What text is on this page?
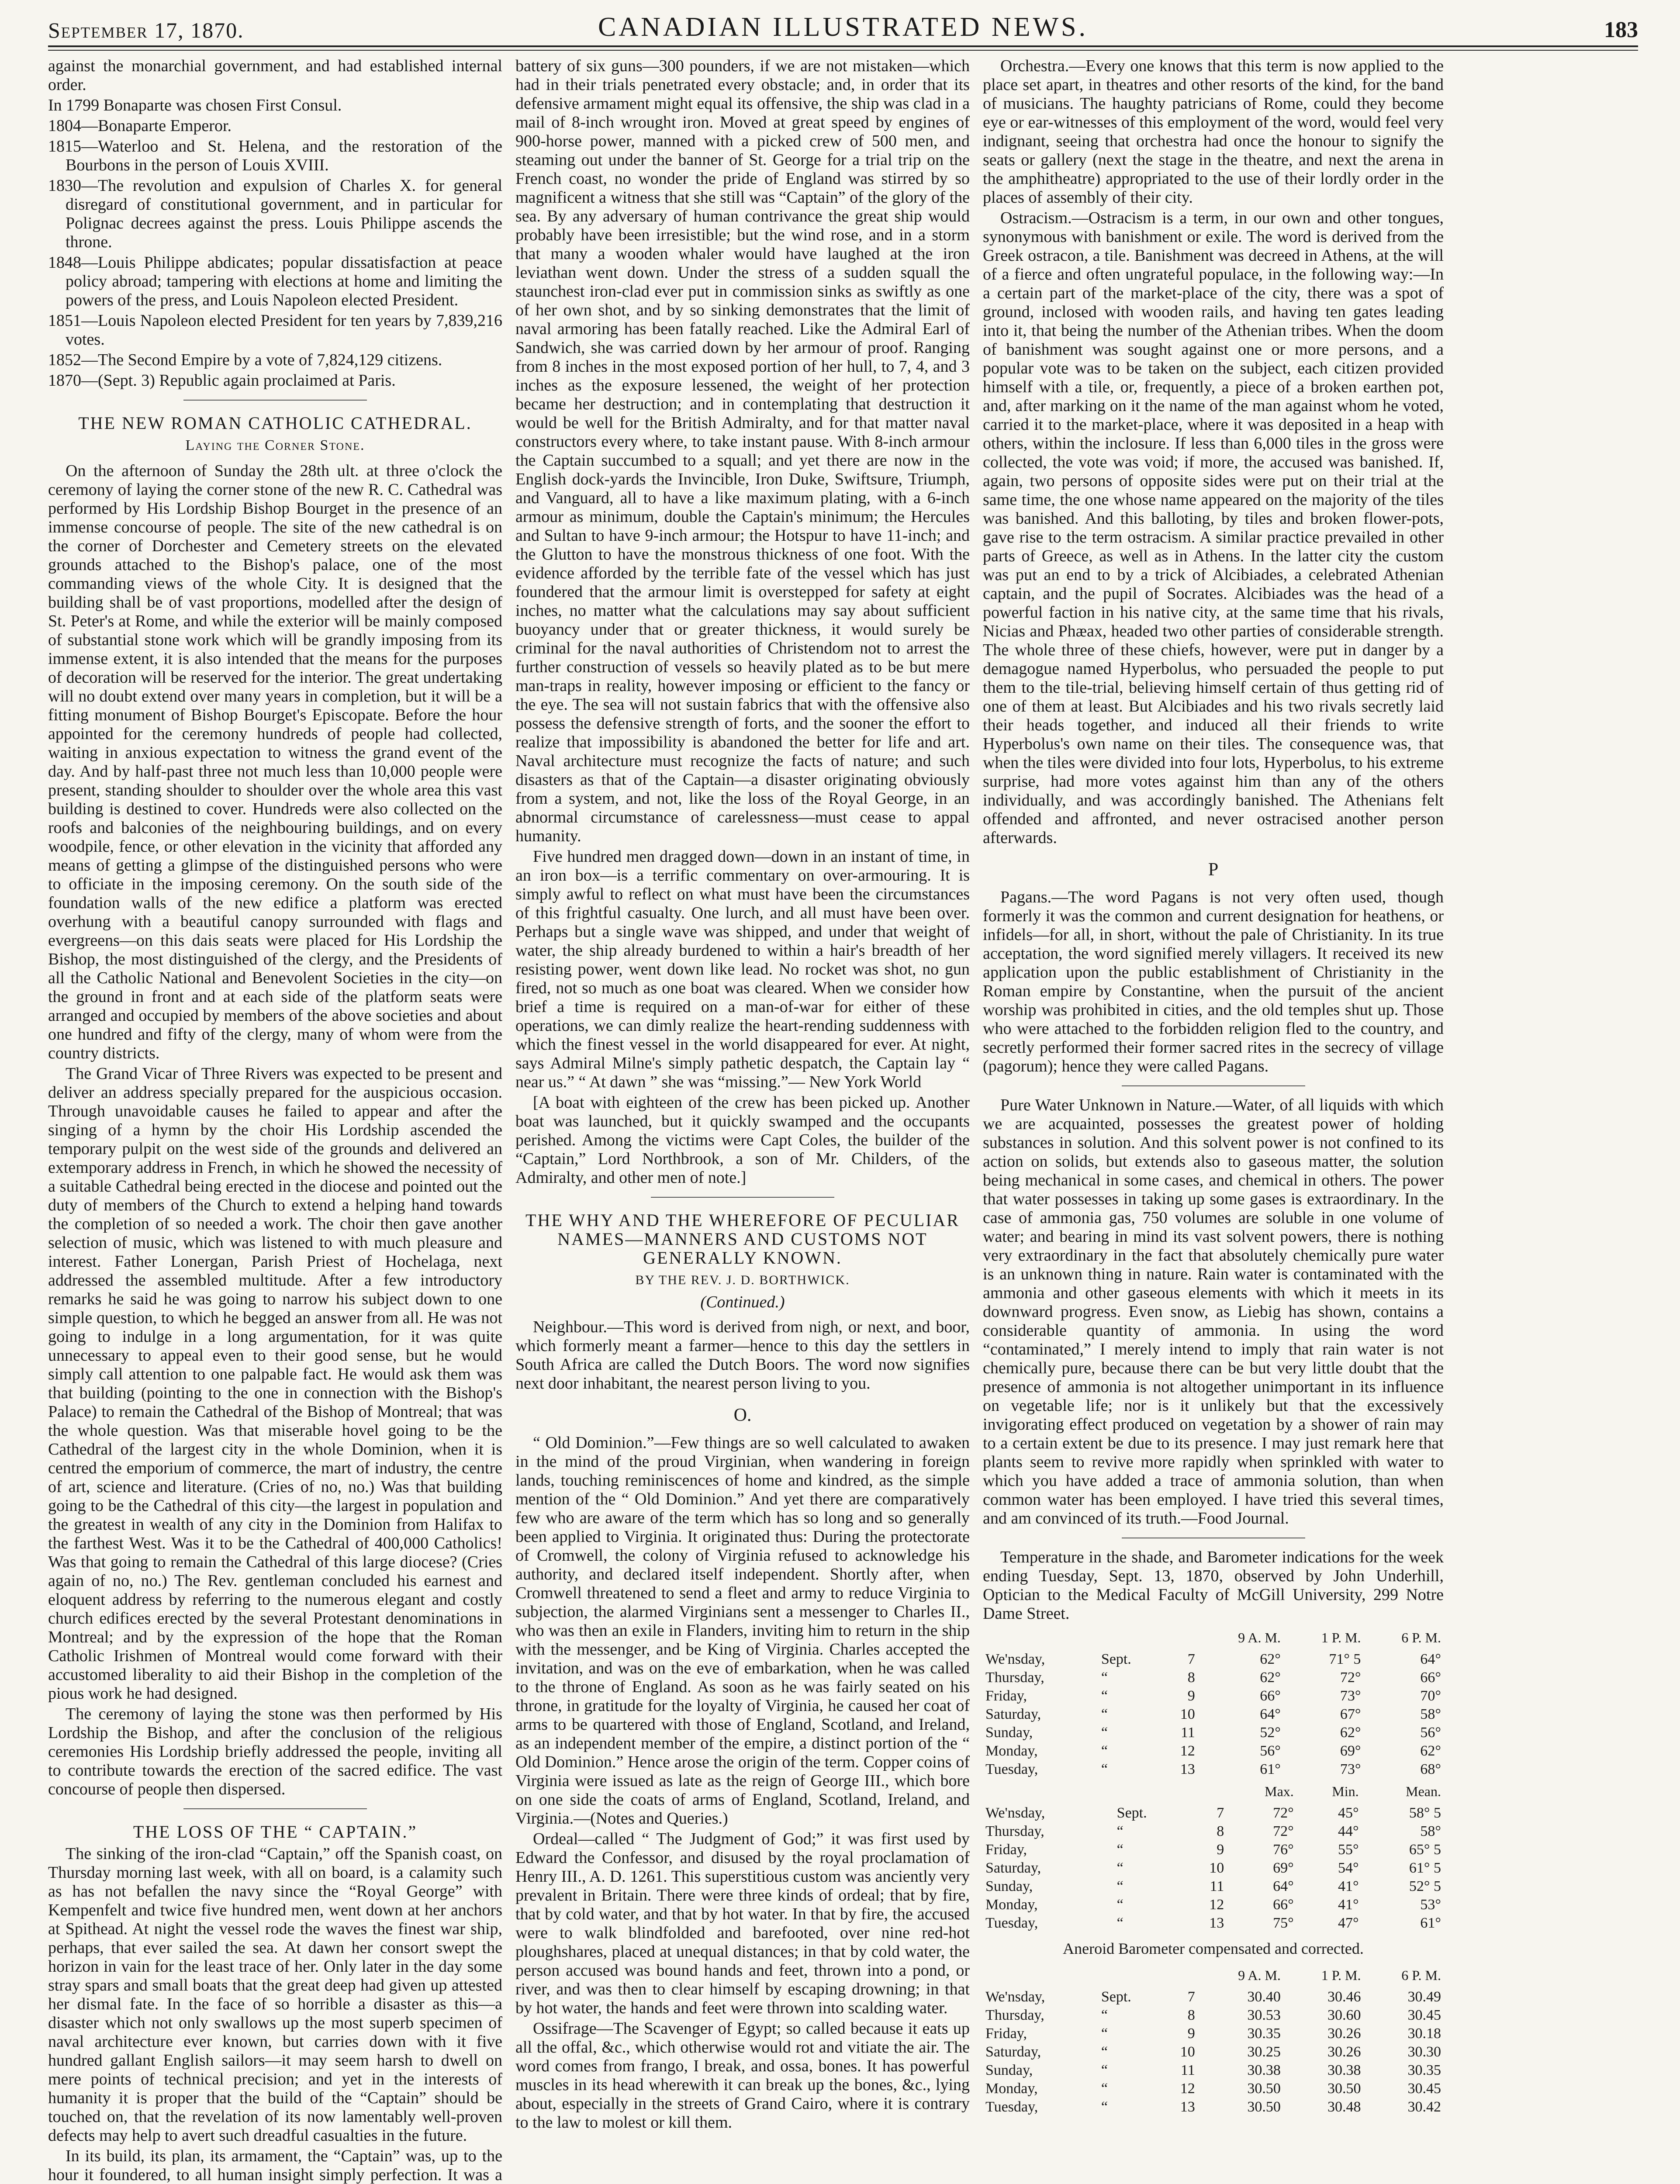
September 17, 1870.	CANADIAN ILLUSTRATED NEWS.	183

against the monarchial government, and had established internal order.

In 1799 Bonaparte was chosen First Consul.

1804—Bonaparte Emperor.

1815—Waterloo and St. Helena, and the restoration of the Bourbons in the person of Louis XVIII.

1830—The revolution and expulsion of Charles X. for general disregard of constitutional government, and in particular for Polignac decrees against the press. Louis Philippe ascends the throne.

1848—Louis Philippe abdicates; popular dissatisfaction at peace policy abroad; tampering with elections at home and limiting the powers of the press, and Louis Napoleon elected President.

1851—Louis Napoleon elected President for ten years by 7,839,216 votes.

1852—The Second Empire by a vote of 7,824,129 citizens.

1870—(Sept. 3) Republic again proclaimed at Paris.

THE NEW ROMAN CATHOLIC CATHEDRAL.
Laying the Corner Stone.

On the afternoon of Sunday the 28th ult. at three o'clock the ceremony of laying the corner stone of the new R. C. Cathedral was performed by His Lordship Bishop Bourget in the presence of an immense concourse of people. The site of the new cathedral is on the corner of Dorchester and Cemetery streets on the elevated grounds attached to the Bishop's palace, one of the most commanding views of the whole City. It is designed that the building shall be of vast proportions, modelled after the design of St. Peter's at Rome, and while the exterior will be mainly composed of substantial stone work which will be grandly imposing from its immense extent, it is also intended that the means for the purposes of decoration will be reserved for the interior. The great undertaking will no doubt extend over many years in completion, but it will be a fitting monument of Bishop Bourget's Episcopate. Before the hour appointed for the ceremony hundreds of people had collected, waiting in anxious expectation to witness the grand event of the day. And by half-past three not much less than 10,000 people were present, standing shoulder to shoulder over the whole area this vast building is destined to cover. Hundreds were also collected on the roofs and balconies of the neighbouring buildings, and on every woodpile, fence, or other elevation in the vicinity that afforded any means of getting a glimpse of the distinguished persons who were to officiate in the imposing ceremony. On the south side of the foundation walls of the new edifice a platform was erected overhung with a beautiful canopy surrounded with flags and evergreens—on this dais seats were placed for His Lordship the Bishop, the most distinguished of the clergy, and the Presidents of all the Catholic National and Benevolent Societies in the city—on the ground in front and at each side of the platform seats were arranged and occupied by members of the above societies and about one hundred and fifty of the clergy, many of whom were from the country districts.

The Grand Vicar of Three Rivers was expected to be present and deliver an address specially prepared for the auspicious occasion. Through unavoidable causes he failed to appear and after the singing of a hymn by the choir His Lordship ascended the temporary pulpit on the west side of the grounds and delivered an extemporary address in French, in which he showed the necessity of a suitable Cathedral being erected in the diocese and pointed out the duty of members of the Church to extend a helping hand towards the completion of so needed a work. The choir then gave another selection of music, which was listened to with much pleasure and interest. Father Lonergan, Parish Priest of Hochelaga, next addressed the assembled multitude. After a few introductory remarks he said he was going to narrow his subject down to one simple question, to which he begged an answer from all. He was not going to indulge in a long argumentation, for it was quite unnecessary to appeal even to their good sense, but he would simply call attention to one palpable fact. He would ask them was that building (pointing to the one in connection with the Bishop's Palace) to remain the Cathedral of the Bishop of Montreal; that was the whole question. Was that miserable hovel going to be the Cathedral of the largest city in the whole Dominion, when it is centred the emporium of commerce, the mart of industry, the centre of art, science and literature. (Cries of no, no.) Was that building going to be the Cathedral of this city—the largest in population and the greatest in wealth of any city in the Dominion from Halifax to the farthest West. Was it to be the Cathedral of 400,000 Catholics! Was that going to remain the Cathedral of this large diocese? (Cries again of no, no.) The Rev. gentleman concluded his earnest and eloquent address by referring to the numerous elegant and costly church edifices erected by the several Protestant denominations in Montreal; and by the expression of the hope that the Roman Catholic Irishmen of Montreal would come forward with their accustomed liberality to aid their Bishop in the completion of the pious work he had designed.

The ceremony of laying the stone was then performed by His Lordship the Bishop, and after the conclusion of the religious ceremonies His Lordship briefly addressed the people, inviting all to contribute towards the erection of the sacred edifice. The vast concourse of people then dispersed.

THE LOSS OF THE “ CAPTAIN.”

The sinking of the iron-clad “Captain,” off the Spanish coast, on Thursday morning last week, with all on board, is a calamity such as has not befallen the navy since the “Royal George” with Kempenfelt and twice five hundred men, went down at her anchors at Spithead. At night the vessel rode the waves the finest war ship, perhaps, that ever sailed the sea. At dawn her consort swept the horizon in vain for the least trace of her. Only later in the day some stray spars and small boats that the great deep had given up attested her dismal fate. In the face of so horrible a disaster as this—a disaster which not only swallows up the most superb specimen of naval architecture ever known, but carries down with it five hundred gallant English sailors—it may seem harsh to dwell on mere points of technical precision; and yet in the interests of humanity it is proper that the build of the “Captain” should be touched on, that the revelation of its now lamentably well-proven defects may help to avert such dreadful casualties in the future.

In its build, its plan, its armament, the “Captain” was, up to the hour it foundered, to all human insight simply perfection. It was a

battery of six guns—300 pounders, if we are not mistaken—which had in their trials penetrated every obstacle; and, in order that its defensive armament might equal its offensive, the ship was clad in a mail of 8-inch wrought iron. Moved at great speed by engines of 900-horse power, manned with a picked crew of 500 men, and steaming out under the banner of St. George for a trial trip on the French coast, no wonder the pride of England was stirred by so magnificent a witness that she still was “Captain” of the glory of the sea. By any adversary of human contrivance the great ship would probably have been irresistible; but the wind rose, and in a storm that many a wooden whaler would have laughed at the iron leviathan went down. Under the stress of a sudden squall the staunchest iron-clad ever put in commission sinks as swiftly as one of her own shot, and by so sinking demonstrates that the limit of naval armoring has been fatally reached. Like the Admiral Earl of Sandwich, she was carried down by her armour of proof. Ranging from 8 inches in the most exposed portion of her hull, to 7, 4, and 3 inches as the exposure lessened, the weight of her protection became her destruction; and in contemplating that destruction it would be well for the British Admiralty, and for that matter naval constructors every where, to take instant pause. With 8-inch armour the Captain succumbed to a squall; and yet there are now in the English dock-yards the Invincible, Iron Duke, Swiftsure, Triumph, and Vanguard, all to have a like maximum plating, with a 6-inch armour as minimum, double the Captain's minimum; the Hercules and Sultan to have 9-inch armour; the Hotspur to have 11-inch; and the Glutton to have the monstrous thickness of one foot. With the evidence afforded by the terrible fate of the vessel which has just foundered that the armour limit is overstepped for safety at eight inches, no matter what the calculations may say about sufficient buoyancy under that or greater thickness, it would surely be criminal for the naval authorities of Christendom not to arrest the further construction of vessels so heavily plated as to be but mere man-traps in reality, however imposing or efficient to the fancy or the eye. The sea will not sustain fabrics that with the offensive also possess the defensive strength of forts, and the sooner the effort to realize that impossibility is abandoned the better for life and art. Naval architecture must recognize the facts of nature; and such disasters as that of the Captain—a disaster originating obviously from a system, and not, like the loss of the Royal George, in an abnormal circumstance of carelessness—must cease to appal humanity.

Five hundred men dragged down—down in an instant of time, in an iron box—is a terrific commentary on over-armouring. It is simply awful to reflect on what must have been the circumstances of this frightful casualty. One lurch, and all must have been over. Perhaps but a single wave was shipped, and under that weight of water, the ship already burdened to within a hair's breadth of her resisting power, went down like lead. No rocket was shot, no gun fired, not so much as one boat was cleared. When we consider how brief a time is required on a man-of-war for either of these operations, we can dimly realize the heart-rending suddenness with which the finest vessel in the world disappeared for ever. At night, says Admiral Milne's simply pathetic despatch, the Captain lay “ near us.” “ At dawn ” she was “missing.”— New York World

[A boat with eighteen of the crew has been picked up. Another boat was launched, but it quickly swamped and the occupants perished. Among the victims were Capt Coles, the builder of the “Captain,” Lord Northbrook, a son of Mr. Childers, of the Admiralty, and other men of note.]

THE WHY AND THE WHEREFORE OF PECULIAR NAMES—MANNERS AND CUSTOMS NOT GENERALLY KNOWN.
BY THE REV. J. D. BORTHWICK.
(Continued.)

Neighbour.—This word is derived from nigh, or next, and boor, which formerly meant a farmer—hence to this day the settlers in South Africa are called the Dutch Boors. The word now signifies next door inhabitant, the nearest person living to you.

O.

“ Old Dominion.”—Few things are so well calculated to awaken in the mind of the proud Virginian, when wandering in foreign lands, touching reminiscences of home and kindred, as the simple mention of the “ Old Dominion.” And yet there are comparatively few who are aware of the term which has so long and so generally been applied to Virginia. It originated thus: During the protectorate of Cromwell, the colony of Virginia refused to acknowledge his authority, and declared itself independent. Shortly after, when Cromwell threatened to send a fleet and army to reduce Virginia to subjection, the alarmed Virginians sent a messenger to Charles II., who was then an exile in Flanders, inviting him to return in the ship with the messenger, and be King of Virginia. Charles accepted the invitation, and was on the eve of embarkation, when he was called to the throne of England. As soon as he was fairly seated on his throne, in gratitude for the loyalty of Virginia, he caused her coat of arms to be quartered with those of England, Scotland, and Ireland, as an independent member of the empire, a distinct portion of the “ Old Dominion.” Hence arose the origin of the term. Copper coins of Virginia were issued as late as the reign of George III., which bore on one side the coats of arms of England, Scotland, Ireland, and Virginia.—(Notes and Queries.)

Ordeal—called “ The Judgment of God;” it was first used by Edward the Confessor, and disused by the royal proclamation of Henry III., A. D. 1261. This superstitious custom was anciently very prevalent in Britain. There were three kinds of ordeal; that by fire, that by cold water, and that by hot water. In that by fire, the accused were to walk blindfolded and barefooted, over nine red-hot ploughshares, placed at unequal distances; in that by cold water, the person accused was bound hands and feet, thrown into a pond, or river, and was then to clear himself by escaping drowning; in that by hot water, the hands and feet were thrown into scalding water.

Ossifrage—The Scavenger of Egypt; so called because it eats up all the offal, &c., which otherwise would rot and vitiate the air. The word comes from frango, I break, and ossa, bones. It has powerful muscles in its head wherewith it can break up the bones, &c., lying about, especially in the streets of Grand Cairo, where it is contrary to the law to molest or kill them.

Orchestra.—Every one knows that this term is now applied to the place set apart, in theatres and other resorts of the kind, for the band of musicians. The haughty patricians of Rome, could they become eye or ear-witnesses of this employment of the word, would feel very indignant, seeing that orchestra had once the honour to signify the seats or gallery (next the stage in the theatre, and next the arena in the amphitheatre) appropriated to the use of their lordly order in the places of assembly of their city.

Ostracism.—Ostracism is a term, in our own and other tongues, synonymous with banishment or exile. The word is derived from the Greek ostracon, a tile. Banishment was decreed in Athens, at the will of a fierce and often ungrateful populace, in the following way:—In a certain part of the market-place of the city, there was a spot of ground, inclosed with wooden rails, and having ten gates leading into it, that being the number of the Athenian tribes. When the doom of banishment was sought against one or more persons, and a popular vote was to be taken on the subject, each citizen provided himself with a tile, or, frequently, a piece of a broken earthen pot, and, after marking on it the name of the man against whom he voted, carried it to the market-place, where it was deposited in a heap with others, within the inclosure. If less than 6,000 tiles in the gross were collected, the vote was void; if more, the accused was banished. If, again, two persons of opposite sides were put on their trial at the same time, the one whose name appeared on the majority of the tiles was banished. And this balloting, by tiles and broken flower-pots, gave rise to the term ostracism. A similar practice prevailed in other parts of Greece, as well as in Athens. In the latter city the custom was put an end to by a trick of Alcibiades, a celebrated Athenian captain, and the pupil of Socrates. Alcibiades was the head of a powerful faction in his native city, at the same time that his rivals, Nicias and Phæax, headed two other parties of considerable strength. The whole three of these chiefs, however, were put in danger by a demagogue named Hyperbolus, who persuaded the people to put them to the tile-trial, believing himself certain of thus getting rid of one of them at least. But Alcibiades and his two rivals secretly laid their heads together, and induced all their friends to write Hyperbolus's own name on their tiles. The consequence was, that when the tiles were divided into four lots, Hyperbolus, to his extreme surprise, had more votes against him than any of the others individually, and was accordingly banished. The Athenians felt offended and affronted, and never ostracised another person afterwards.

P

Pagans.—The word Pagans is not very often used, though formerly it was the common and current designation for heathens, or infidels—for all, in short, without the pale of Christianity. In its true acceptation, the word signified merely villagers. It received its new application upon the public establishment of Christianity in the Roman empire by Constantine, when the pursuit of the ancient worship was prohibited in cities, and the old temples shut up. Those who were attached to the forbidden religion fled to the country, and secretly performed their former sacred rites in the secrecy of village (pagorum); hence they were called Pagans.

Pure Water Unknown in Nature.—Water, of all liquids with which we are acquainted, possesses the greatest power of holding substances in solution. And this solvent power is not confined to its action on solids, but extends also to gaseous matter, the solution being mechanical in some cases, and chemical in others. The power that water possesses in taking up some gases is extraordinary. In the case of ammonia gas, 750 volumes are soluble in one volume of water; and bearing in mind its vast solvent powers, there is nothing very extraordinary in the fact that absolutely chemically pure water is an unknown thing in nature. Rain water is contaminated with the ammonia and other gaseous elements with which it meets in its downward progress. Even snow, as Liebig has shown, contains a considerable quantity of ammonia. In using the word “contaminated,” I merely intend to imply that rain water is not chemically pure, because there can be but very little doubt that the presence of ammonia is not altogether unimportant in its influence on vegetable life; nor is it unlikely but that the excessively invigorating effect produced on vegetation by a shower of rain may to a certain extent be due to its presence. I may just remark here that plants seem to revive more rapidly when sprinkled with water to which you have added a trace of ammonia solution, than when common water has been employed. I have tried this several times, and am convinced of its truth.—Food Journal.

Temperature in the shade, and Barometer indications for the week ending Tuesday, Sept. 13, 1870, observed by John Underhill, Optician to the Medical Faculty of McGill University, 299 Notre Dame Street.

			9 A. M.	1 P. M.	6 P. M.
We'nsday,	Sept.	7	62°	71° 5	64°
Thursday,	“	8	62°	72°	66°
Friday,	“	9	66°	73°	70°
Saturday,	“	10	64°	67°	58°
Sunday,	“	11	52°	62°	56°
Monday,	“	12	56°	69°	62°
Tuesday,	“	13	61°	73°	68°
			Max.	Min.	Mean.
We'nsday,	Sept.	7	72°	45°	58° 5
Thursday,	“	8	72°	44°	58°
Friday,	“	9	76°	55°	65° 5
Saturday,	“	10	69°	54°	61° 5
Sunday,	“	11	64°	41°	52° 5
Monday,	“	12	66°	41°	53°
Tuesday,	“	13	75°	47°	61°
Aneroid Barometer compensated and corrected.
			9 A. M.	1 P. M.	6 P. M.
We'nsday,	Sept.	7	30.40	30.46	30.49
Thursday,	“	8	30.53	30.60	30.45
Friday,	“	9	30.35	30.26	30.18
Saturday,	“	10	30.25	30.26	30.30
Sunday,	“	11	30.38	30.38	30.35
Monday,	“	12	30.50	30.50	30.45
Tuesday,	“	13	30.50	30.48	30.42
